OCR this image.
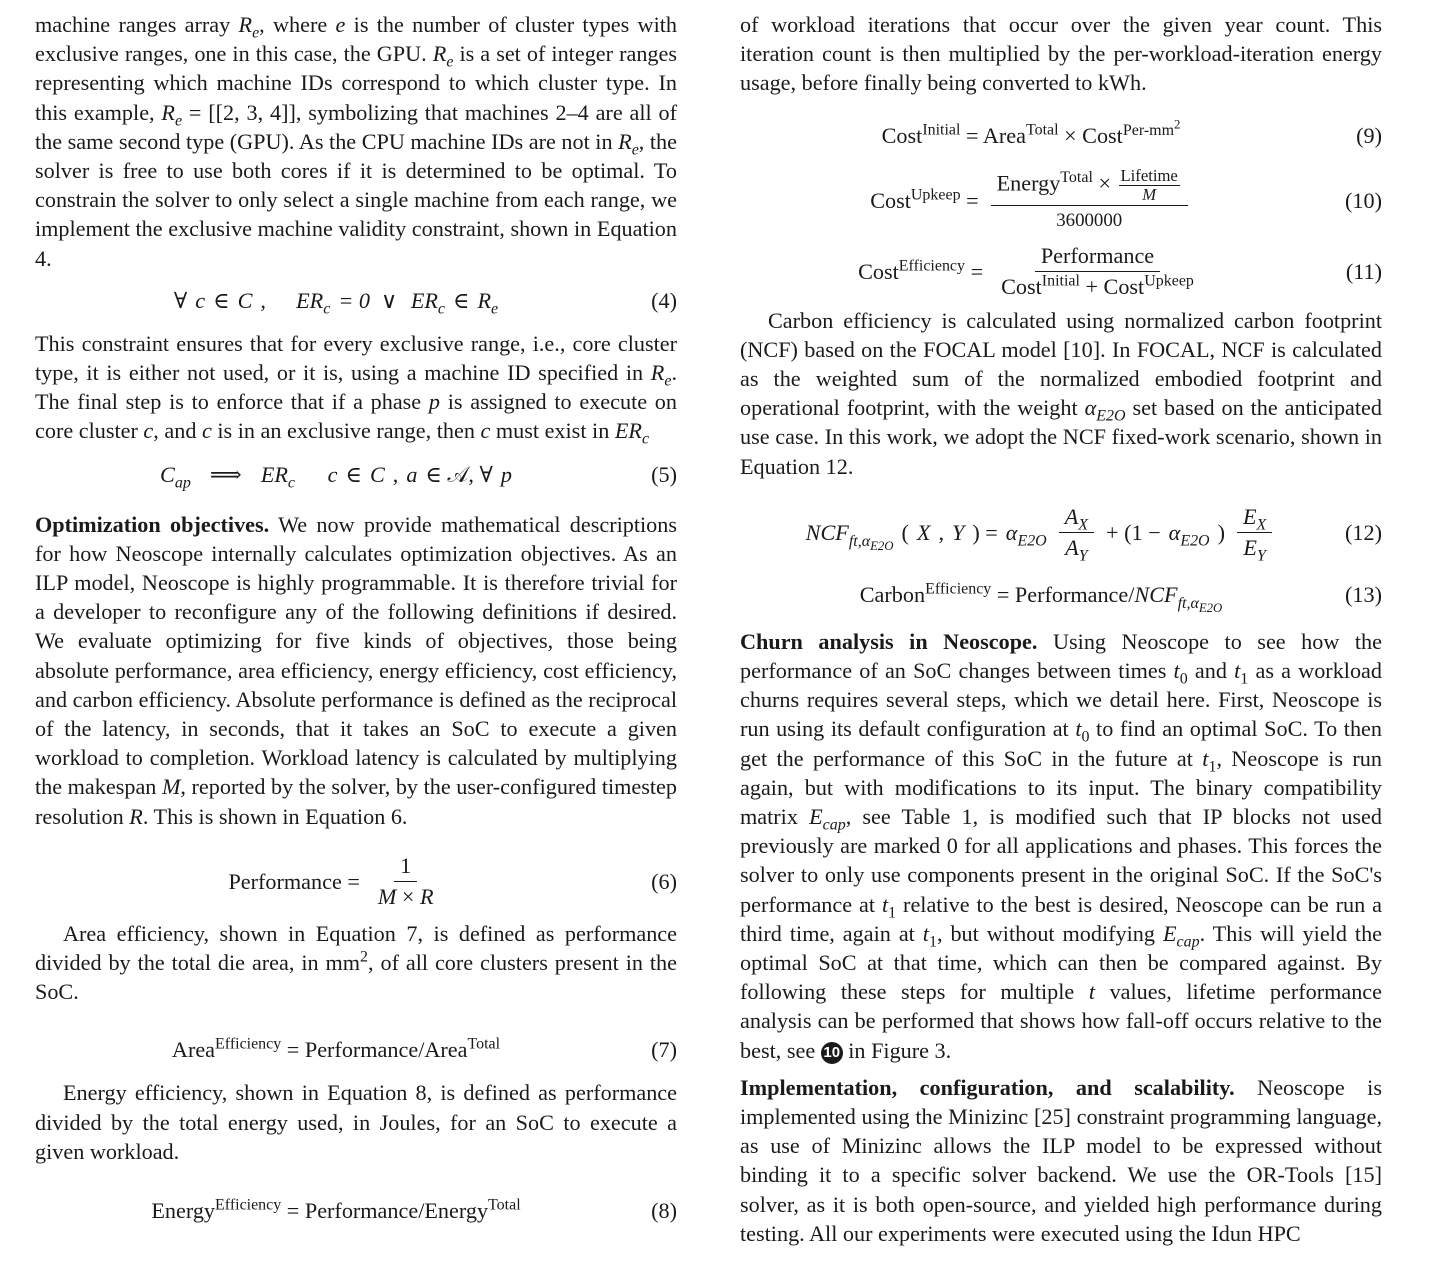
machine ranges array $R_e$, where e is the number of cluster types with exclusive ranges, one in this case, the GPU. $R_e$ is a set of integer ranges representing which machine IDs correspond to which cluster type. In this example, $R_e = [[2$, 3, 4]], symbolizing that machines 2–4 are all of the same second type (GPU). As the CPU machine IDs are not in $R_e$, the solver is free to use both cores if it is determined to be optimal. To constrain the solver to only select a single machine from each range, we implement the exclusive machine validity constraint, shown in Equation 4.

∀ c ∈ C , $ER_c = 0$  ∨ $ER_c$ ∈ $R_e$	(4)

This constraint ensures that for every exclusive range, i.e., core cluster type, it is either not used, or it is, using a machine ID specified in $R_e$. The final step is to enforce that if a phase p is assigned to execute on core cluster c, and c is in an exclusive range, then c must exist in $ER_c$

$C_{ap}$ ⟹ $ER_c$
c ∈ C , a ∈ 𝒜, ∀ p	(5)

Optimization objectives. We now provide mathematical descriptions for how Neoscope internally calculates optimization objectives. As an ILP model, Neoscope is highly programmable. It is therefore trivial for a developer to reconfigure any of the following definitions if desired. We evaluate optimizing for five kinds of objectives, those being absolute performance, area efficiency, energy efficiency, cost efficiency, and carbon efficiency. Absolute performance is defined as the reciprocal of the latency, in seconds, that it takes an SoC to execute a given workload to completion. Workload latency is calculated by multiplying the makespan M, reported by the solver, by the user-configured timestep resolution R. This is shown in Equation 6.

Performance = $\frac{1}{M \times R}$	(6)

Area efficiency, shown in Equation 7, is defined as performance divided by the total die area, in $mm^2$, of all core clusters present in the SoC.

Area$^{Efficiency}$ = Performance/Area$^{Total}$	(7)

Energy efficiency, shown in Equation 8, is defined as performance divided by the total energy used, in Joules, for an SoC to execute a given workload.

Energy$^{Efficiency}$ = Performance/Energy$^{Total}$	(8)

of workload iterations that occur over the given year count. This iteration count is then multiplied by the per-workload-iteration energy usage, before finally being converted to kWh.

Cost$^{Initial}$ = Area$^{Total}$ × Cost$^{Per-mm^2}$	(9)
Cost$^{Upkeep}$ = $\frac{Energy^{Total} \times \frac{\text{Lifetime}}{M}}{3600000}$	(10)
Cost$^{Efficiency}$ = $\frac{\text{Performance}}{Cost^{Initial} + Cost^{Upkeep}}$	(11)

Carbon efficiency is calculated using normalized carbon footprint (NCF) based on the FOCAL model [10]. In FOCAL, NCF is calculated as the weighted sum of the normalized embodied footprint and operational footprint, with the weight $\alpha_{E2O}$ set based on the anticipated use case. In this work, we adopt the NCF fixed-work scenario, shown in Equation 12.

$NCF_{ft,\alpha_{E2O}}$
( X , Y ) = $\alpha_{E2O} \frac{A_X}{A_Y} + (1 - \alpha_{E2O}$ ) $\frac{E_X}{E_Y}$	(12)
Carbon$^{Efficiency}$ = Performance/$NCF_{ft,\alpha_{E2O}}$
(13)

Churn analysis in Neoscope. Using Neoscope to see how the performance of an SoC changes between times $t_0$ and $t_1$ as a workload churns requires several steps, which we detail here. First, Neoscope is run using its default configuration at $t_0$ to find an optimal SoC. To then get the performance of this SoC in the future at $t_1$, Neoscope is run again, but with modifications to its input. The binary compatibility matrix $E_{cap}$, see Table 1, is modified such that IP blocks not used previously are marked 0 for all applications and phases. This forces the solver to only use components present in the original SoC. If the SoC's performance at $t_1$ relative to the best is desired, Neoscope can be run a third time, again at $t_1$, but without modifying $E_{cap}$. This will yield the optimal SoC at that time, which can then be compared against. By following these steps for multiple t values, lifetime performance analysis can be performed that shows how fall-off occurs relative to the best, see 10 in Figure 3.

Implementation, configuration, and scalability. Neoscope is implemented using the Minizinc [25] constraint programming language, as use of Minizinc allows the ILP model to be expressed without binding it to a specific solver backend. We use the OR-Tools [15] solver, as it is both open-source, and yielded high performance during testing. All our experiments were executed using the Idun HPC
